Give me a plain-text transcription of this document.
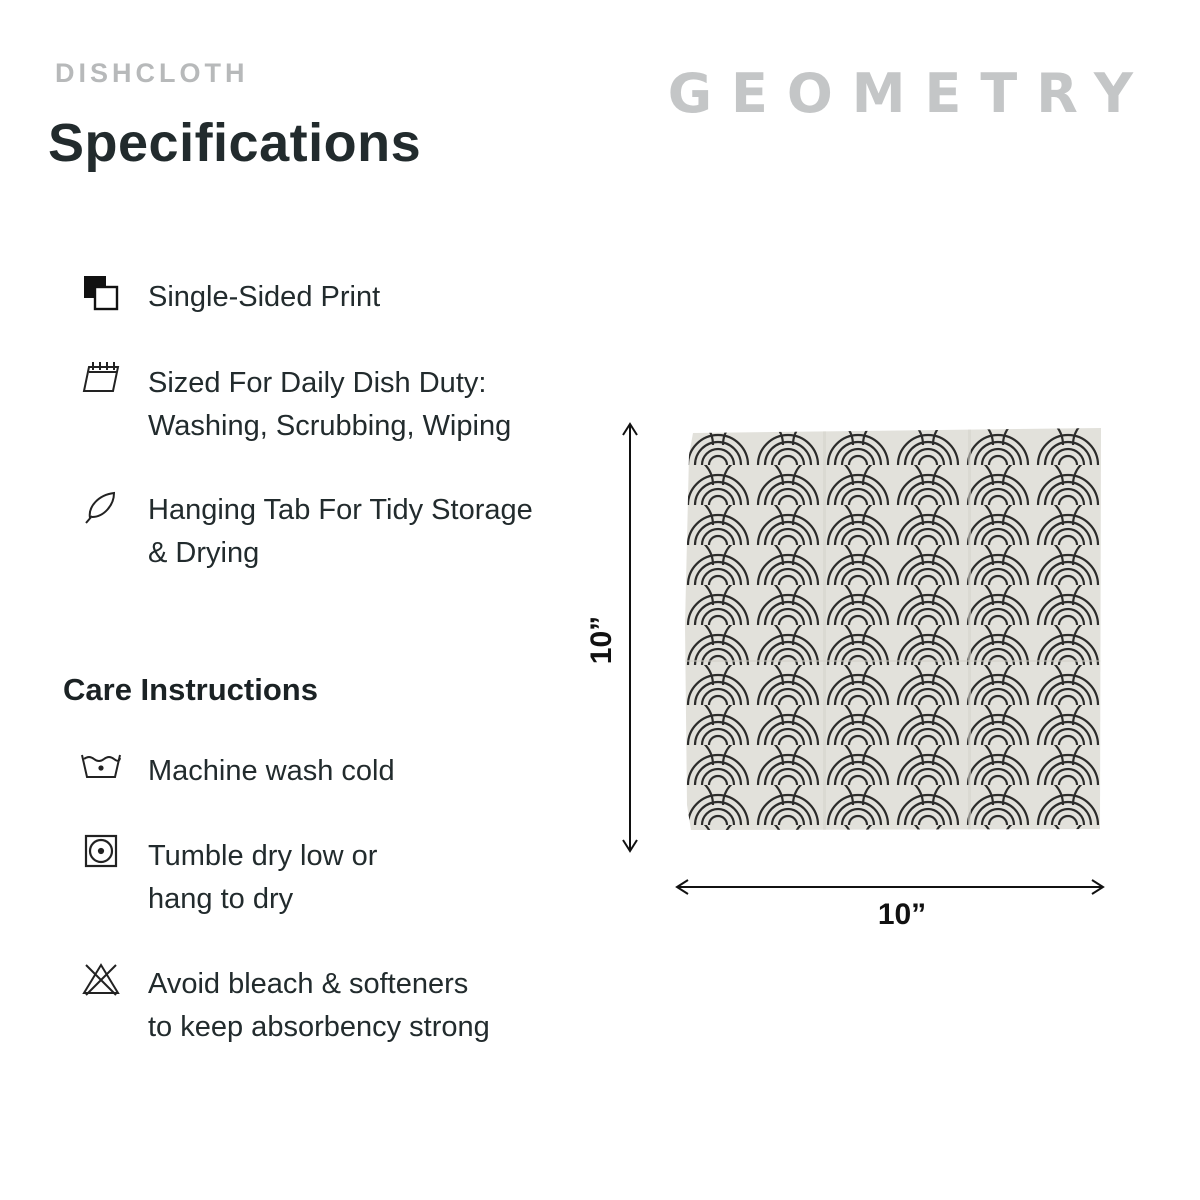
DISHCLOTH
Specifications
GEOMETRY
Single-Sided Print
Sized For Daily Dish Duty:
Washing, Scrubbing, Wiping
Hanging Tab For Tidy Storage
& Drying
Care Instructions
Machine wash cold
Tumble dry low or
hang to dry
Avoid bleach & softeners
to keep absorbency strong
10”
10”
